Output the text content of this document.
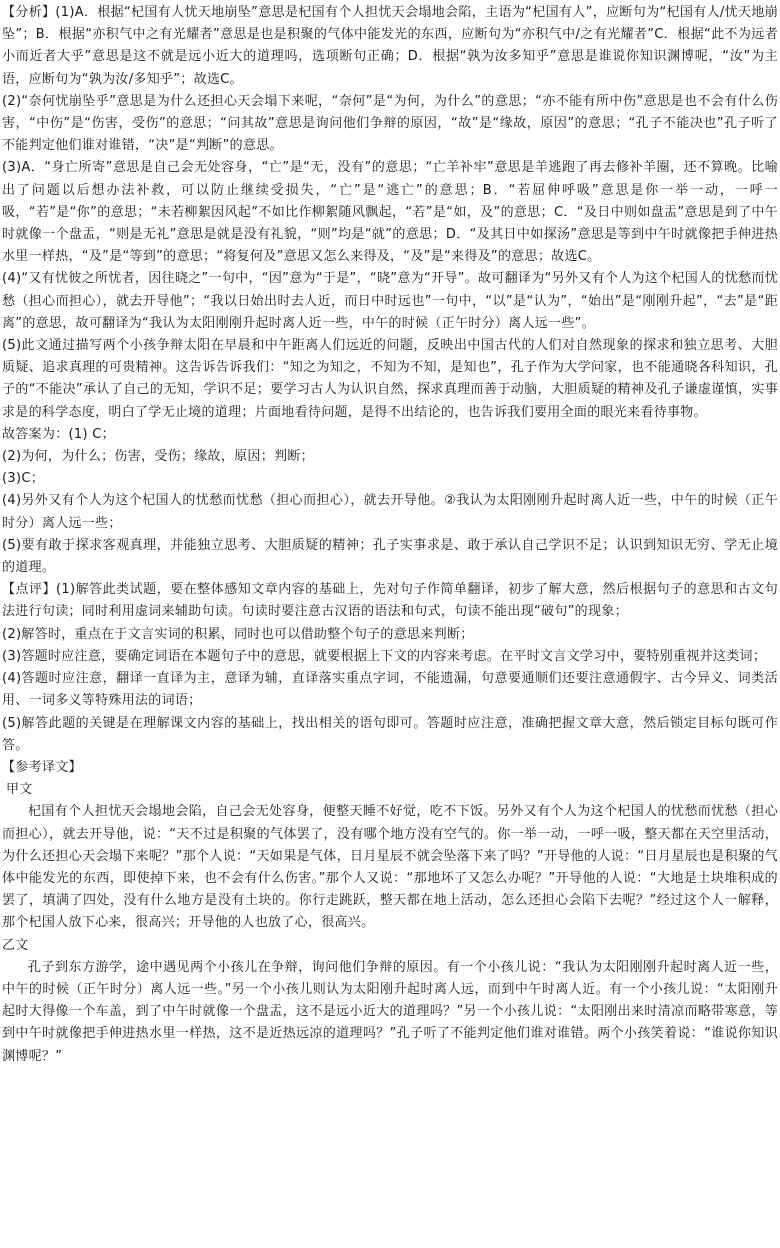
【分析】(1)A．根据“杞国有人忧天地崩坠”意思是杞国有个人担忧天会塌地会陷，主语为“杞国有人”，应断句为“杞国有人/忧天地崩坠”；B．根据“亦积气中之有光耀者”意思是也是积聚的气体中能发光的东西，应断句为“亦积气中/之有光耀者”C．根据“此不为远者小而近者大乎”意思是这不就是远小近大的道理吗，选项断句正确；D．根据“孰为汝多知乎”意思是谁说你知识渊博呢，“汝”为主语，应断句为“孰为汝/多知乎”；故选C。

(2)“奈何忧崩坠乎”意思是为什么还担心天会塌下来呢，“奈何”是“为何，为什么”的意思；“亦不能有所中伤”意思是也不会有什么伤害，“中伤”是“伤害，受伤”的意思；“问其故”意思是询问他们争辩的原因，“故”是“缘故，原因”的意思；“孔子不能决也”孔子听了不能判定他们谁对谁错，“决”是“判断”的意思。

(3)A．“身亡所寄”意思是自己会无处容身，“亡”是“无，没有”的意思；“亡羊补牢”意思是羊逃跑了再去修补羊圈，还不算晚。比喻出了问题以后想办法补救，可以防止继续受损失，“亡”是“逃亡”的意思；B．“若屈伸呼吸”意思是你一举一动，一呼一吸，“若”是“你”的意思；“未若柳絮因风起”不如比作柳絮随风飘起，“若”是“如，及”的意思；C．“及日中则如盘盂”意思是到了中午时就像一个盘盂，“则是无礼”意思是就是没有礼貌，“则”均是“就”的意思；D．“及其日中如探汤”意思是等到中午时就像把手伸进热水里一样热，“及”是“等到”的意思；“将复何及”意思又怎么来得及，“及”是“来得及”的意思；故选C。

(4)“又有忧彼之所忧者，因往晓之”一句中，“因”意为“于是”，“晓”意为“开导”。故可翻译为“另外又有个人为这个杞国人的忧愁而忧愁（担心而担心），就去开导他”；“我以日始出时去人近，而日中时远也”一句中，“以”是“认为”，“始出”是“刚刚升起”，“去”是“距离”的意思，故可翻译为“我认为太阳刚刚升起时离人近一些，中午的时候（正午时分）离人远一些”。

(5)此文通过描写两个小孩争辩太阳在早晨和中午距离人们远近的问题，反映出中国古代的人们对自然现象的探求和独立思考、大胆质疑、追求真理的可贵精神。这告诉告诉我们：“知之为知之，不知为不知，是知也”，孔子作为大学问家，也不能通晓各科知识，孔子的“不能决”承认了自己的无知，学识不足；要学习古人为认识自然，探求真理而善于动脑，大胆质疑的精神及孔子谦虚谨慎，实事求是的科学态度，明白了学无止境的道理；片面地看待问题，是得不出结论的，也告诉我们要用全面的眼光来看待事物。

故答案为：(1) C；

(2)为何，为什么；伤害，受伤；缘故，原因；判断；

(3)C；

(4)另外又有个人为这个杞国人的忧愁而忧愁（担心而担心），就去开导他。②我认为太阳刚刚升起时离人近一些，中午的时候（正午时分）离人远一些；

(5)要有敢于探求客观真理，并能独立思考、大胆质疑的精神；孔子实事求是、敢于承认自己学识不足；认识到知识无穷、学无止境的道理。

【点评】(1)解答此类试题，要在整体感知文章内容的基础上，先对句子作简单翻译，初步了解大意，然后根据句子的意思和古文句法进行句读；同时利用虚词来辅助句读。句读时要注意古汉语的语法和句式，句读不能出现“破句”的现象；

(2)解答时，重点在于文言实词的积累，同时也可以借助整个句子的意思来判断；

(3)答题时应注意，要确定词语在本题句子中的意思，就要根据上下文的内容来考虑。在平时文言文学习中，要特别重视并这类词；

(4)答题时应注意，翻译一直译为主，意译为辅，直译落实重点字词，不能遗漏，句意要通顺们还要注意通假字、古今异义、词类活用、一词多义等特殊用法的词语；

(5)解答此题的关键是在理解课文内容的基础上，找出相关的语句即可。答题时应注意，准确把握文章大意，然后锁定目标句既可作答。

【参考译文】

甲文

杞国有个人担忧天会塌地会陷，自己会无处容身，便整天睡不好觉，吃不下饭。另外又有个人为这个杞国人的忧愁而忧愁（担心而担心），就去开导他，说：“天不过是积聚的气体罢了，没有哪个地方没有空气的。你一举一动，一呼一吸，整天都在天空里活动，为什么还担心天会塌下来呢？”那个人说：“天如果是气体，日月星辰不就会坠落下来了吗？”开导他的人说：“日月星辰也是积聚的气体中能发光的东西，即使掉下来，也不会有什么伤害。”那个人又说：“那地坏了又怎么办呢？”开导他的人说：“大地是土块堆积成的罢了，填满了四处，没有什么地方是没有土块的。你行走跳跃，整天都在地上活动，怎么还担心会陷下去呢？”经过这个人一解释，那个杞国人放下心来，很高兴；开导他的人也放了心，很高兴。

乙文

孔子到东方游学，途中遇见两个小孩儿在争辩，询问他们争辩的原因。有一个小孩儿说：“我认为太阳刚刚升起时离人近一些，中午的时候（正午时分）离人远一些。”另一个小孩儿则认为太阳刚升起时离人远，而到中午时离人近。有一个小孩儿说：“太阳刚升起时大得像一个车盖，到了中午时就像一个盘盂，这不是远小近大的道理吗？”另一个小孩儿说：“太阳刚出来时清凉而略带寒意，等到中午时就像把手伸进热水里一样热，这不是近热远凉的道理吗？”孔子听了不能判定他们谁对谁错。两个小孩笑着说：“谁说你知识渊博呢？”
